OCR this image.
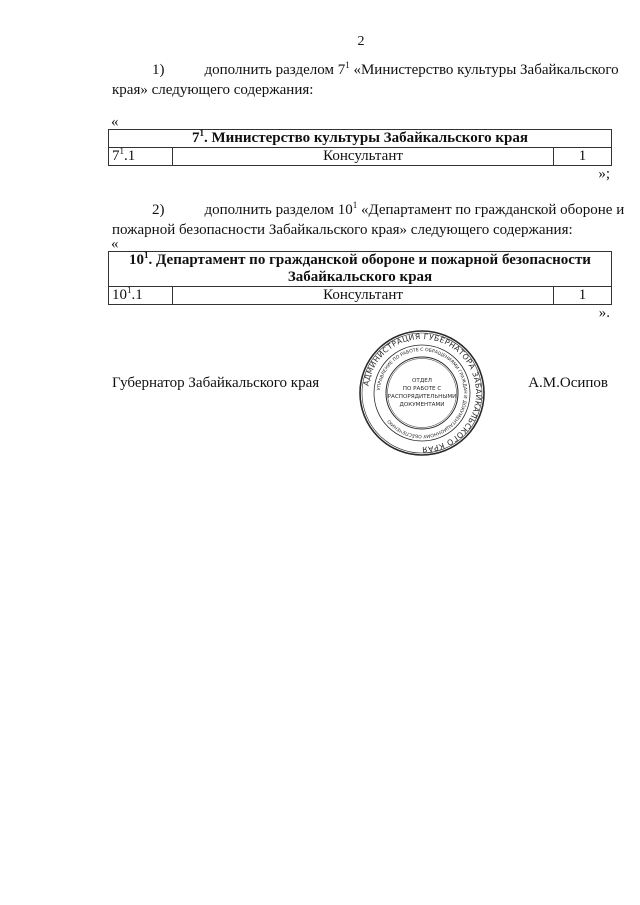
2
1)	дополнить разделом $7^1$ «Министерство культуры Забайкальского
края» следующего содержания:
«
$7^1$. Министерство культуры Забайкальского края
$7^1.1$	Консультант	1
»;
2)	дополнить разделом $10^1$ «Департамент по гражданской обороне и
пожарной безопасности Забайкальского края» следующего содержания:
«
$10^1$. Департамент по гражданской обороне и пожарной безопасности
Забайкальского края
$10^1.1$	Консультант	1
».
Губернатор Забайкальского края	А.М.Осипов
АДМИНИСТРАЦИЯ ГУБЕРНАТОРА ЗАБАЙКАЛЬСКОГО КРАЯ
УПРАВЛЕНИЕ ПО РАБОТЕ С ОБРАЩЕНИЯМИ ГРАЖДАН И ДОКУМЕНТАЦИОННОМУ ОБЕСПЕЧЕНИЮ
ОТДЕЛ
ПО РАБОТЕ С
РАСПОРЯДИТЕЛЬНЫМИ
ДОКУМЕНТАМИ
